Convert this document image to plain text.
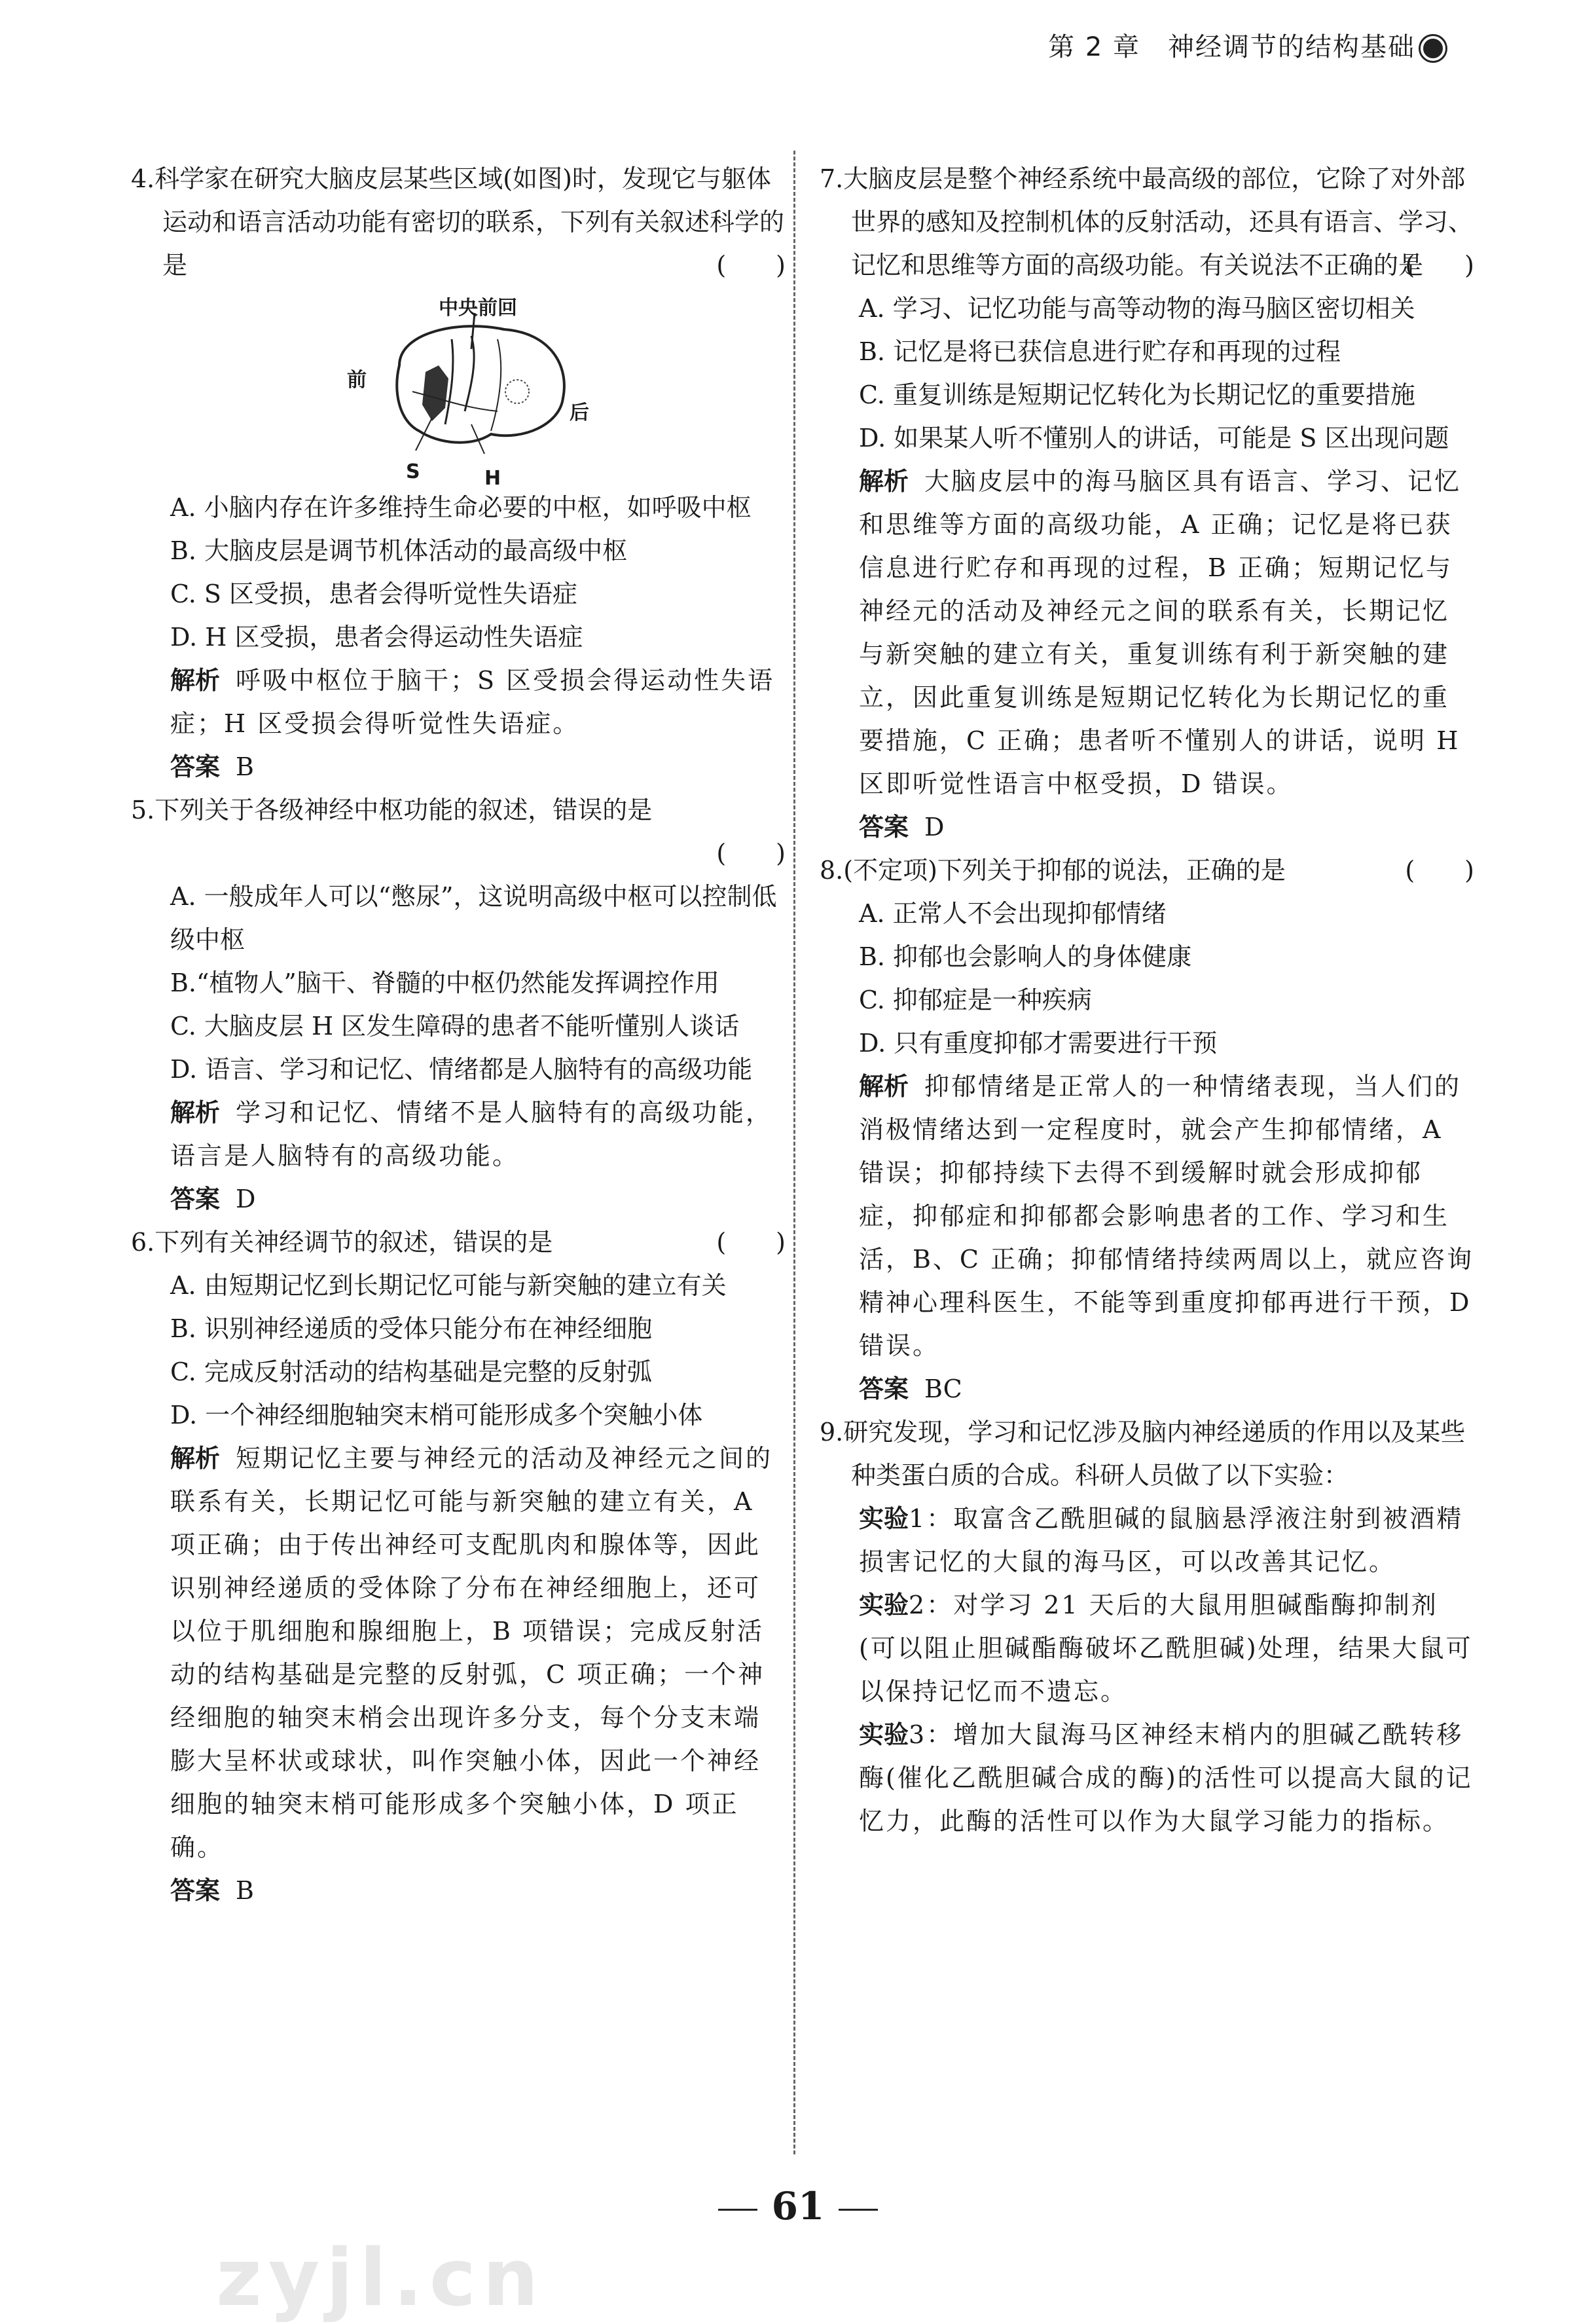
第 2 章　神经调节的结构基础

4.科学家在研究大脑皮层某些区域(如图)时，发现它与躯体运动和语言活动功能有密切的联系，下列有关叙述科学的是	(　　)

中央前回
前
后
S	H
A. 小脑内存在许多维持生命必要的中枢，如呼吸中枢
B. 大脑皮层是调节机体活动的最高级中枢
C. S 区受损，患者会得听觉性失语症
D. H 区受损，患者会得运动性失语症
解析 呼吸中枢位于脑干；S 区受损会得运动性失语症；H 区受损会得听觉性失语症。
答案 B

5.下列关于各级神经中枢功能的叙述，错误的是

(　　)
A. 一般成年人可以“憋尿”，这说明高级中枢可以控制低级中枢
B.“植物人”脑干、脊髓的中枢仍然能发挥调控作用
C. 大脑皮层 H 区发生障碍的患者不能听懂别人谈话
D. 语言、学习和记忆、情绪都是人脑特有的高级功能
解析 学习和记忆、情绪不是人脑特有的高级功能，语言是人脑特有的高级功能。
答案 D

6.下列有关神经调节的叙述，错误的是	(　　)

A. 由短期记忆到长期记忆可能与新突触的建立有关
B. 识别神经递质的受体只能分布在神经细胞
C. 完成反射活动的结构基础是完整的反射弧
D. 一个神经细胞轴突末梢可能形成多个突触小体
解析 短期记忆主要与神经元的活动及神经元之间的联系有关，长期记忆可能与新突触的建立有关，A 项正确；由于传出神经可支配肌肉和腺体等，因此识别神经递质的受体除了分布在神经细胞上，还可以位于肌细胞和腺细胞上，B 项错误；完成反射活动的结构基础是完整的反射弧，C 项正确；一个神经细胞的轴突末梢会出现许多分支，每个分支末端膨大呈杯状或球状，叫作突触小体，因此一个神经细胞的轴突末梢可能形成多个突触小体，D 项正确。
答案 B

7.大脑皮层是整个神经系统中最高级的部位，它除了对外部世界的感知及控制机体的反射活动，还具有语言、学习、记忆和思维等方面的高级功能。有关说法不正确的是
(　　)

A. 学习、记忆功能与高等动物的海马脑区密切相关
B. 记忆是将已获信息进行贮存和再现的过程
C. 重复训练是短期记忆转化为长期记忆的重要措施
D. 如果某人听不懂别人的讲话，可能是 S 区出现问题
解析 大脑皮层中的海马脑区具有语言、学习、记忆和思维等方面的高级功能，A 正确；记忆是将已获信息进行贮存和再现的过程，B 正确；短期记忆与神经元的活动及神经元之间的联系有关，长期记忆与新突触的建立有关，重复训练有利于新突触的建立，因此重复训练是短期记忆转化为长期记忆的重要措施，C 正确；患者听不懂别人的讲话，说明 H 区即听觉性语言中枢受损，D 错误。
答案 D

8.(不定项)下列关于抑郁的说法，正确的是	(　　)

A. 正常人不会出现抑郁情绪
B. 抑郁也会影响人的身体健康
C. 抑郁症是一种疾病
D. 只有重度抑郁才需要进行干预
解析 抑郁情绪是正常人的一种情绪表现，当人们的消极情绪达到一定程度时，就会产生抑郁情绪，A 错误；抑郁持续下去得不到缓解时就会形成抑郁症，抑郁症和抑郁都会影响患者的工作、学习和生活，B、C 正确；抑郁情绪持续两周以上，就应咨询精神心理科医生，不能等到重度抑郁再进行干预，D 错误。
答案 BC

9.研究发现，学习和记忆涉及脑内神经递质的作用以及某些种类蛋白质的合成。科研人员做了以下实验：

实验1：取富含乙酰胆碱的鼠脑悬浮液注射到被酒精损害记忆的大鼠的海马区，可以改善其记忆。
实验2：对学习 21 天后的大鼠用胆碱酯酶抑制剂(可以阻止胆碱酯酶破坏乙酰胆碱)处理，结果大鼠可以保持记忆而不遗忘。
实验3：增加大鼠海马区神经末梢内的胆碱乙酰转移酶(催化乙酰胆碱合成的酶)的活性可以提高大鼠的记忆力，此酶的活性可以作为大鼠学习能力的指标。
61
zyjl.cn
